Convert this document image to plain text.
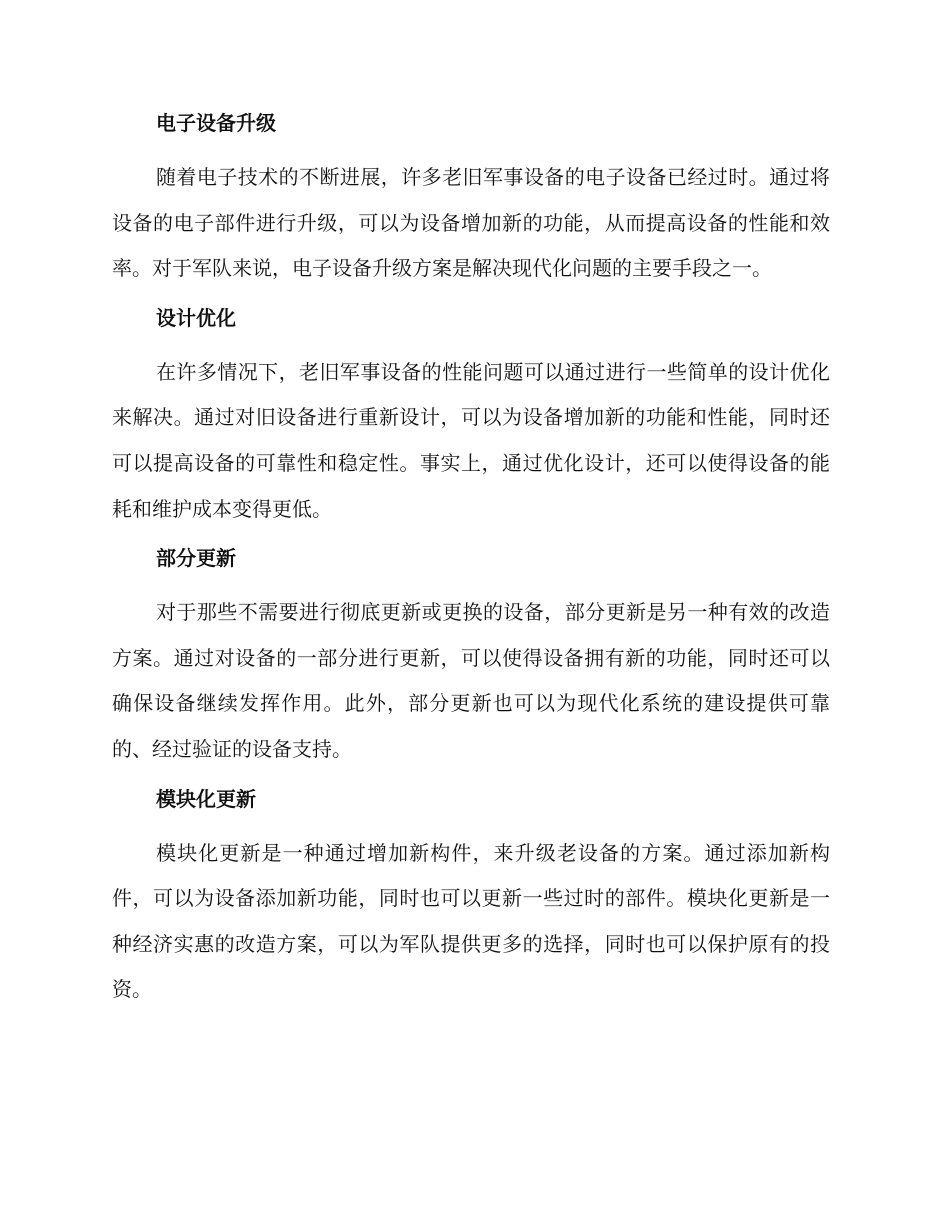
电子设备升级

随着电子技术的不断进展，许多老旧军事设备的电子设备已经过时。通过将设备的电子部件进行升级，可以为设备增加新的功能，从而提高设备的性能和效率。对于军队来说，电子设备升级方案是解决现代化问题的主要手段之一。

设计优化

在许多情况下，老旧军事设备的性能问题可以通过进行一些简单的设计优化来解决。通过对旧设备进行重新设计，可以为设备增加新的功能和性能，同时还可以提高设备的可靠性和稳定性。事实上，通过优化设计，还可以使得设备的能耗和维护成本变得更低。

部分更新

对于那些不需要进行彻底更新或更换的设备，部分更新是另一种有效的改造方案。通过对设备的一部分进行更新，可以使得设备拥有新的功能，同时还可以确保设备继续发挥作用。此外，部分更新也可以为现代化系统的建设提供可靠的、经过验证的设备支持。

模块化更新

模块化更新是一种通过增加新构件，来升级老设备的方案。通过添加新构件，可以为设备添加新功能，同时也可以更新一些过时的部件。模块化更新是一种经济实惠的改造方案，可以为军队提供更多的选择，同时也可以保护原有的投资。
